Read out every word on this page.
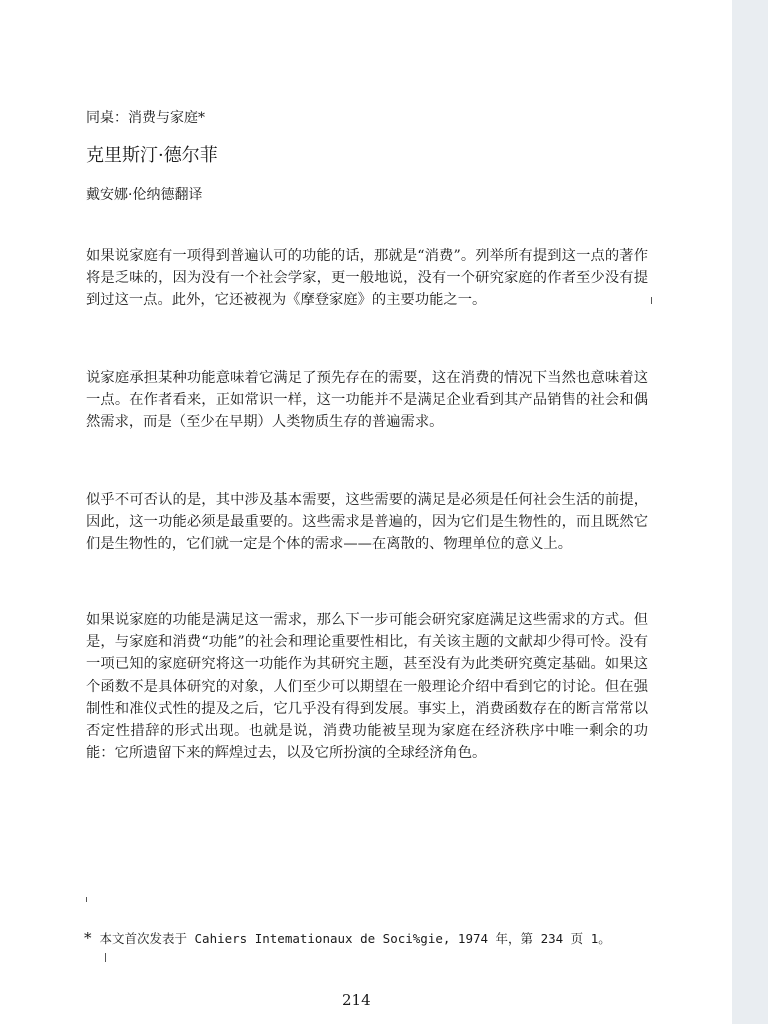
同桌：消费与家庭*
克里斯汀·德尔菲
戴安娜·伦纳德翻译

如果说家庭有一项得到普遍认可的功能的话，那就是“消费”。列举所有提到这一点的著作将是乏味的，因为没有一个社会学家，更一般地说，没有一个研究家庭的作者至少没有提到过这一点。此外，它还被视为《摩登家庭》的主要功能之一。

说家庭承担某种功能意味着它满足了预先存在的需要，这在消费的情况下当然也意味着这一点。在作者看来，正如常识一样，这一功能并不是满足企业看到其产品销售的社会和偶然需求，而是（至少在早期）人类物质生存的普遍需求。

似乎不可否认的是，其中涉及基本需要，这些需要的满足是必须是任何社会生活的前提，因此，这一功能必须是最重要的。这些需求是普遍的，因为它们是生物性的，而且既然它们是生物性的，它们就一定是个体的需求——在离散的、物理单位的意义上。

如果说家庭的功能是满足这一需求，那么下一步可能会研究家庭满足这些需求的方式。但是，与家庭和消费“功能”的社会和理论重要性相比，有关该主题的文献却少得可怜。没有一项已知的家庭研究将这一功能作为其研究主题，甚至没有为此类研究奠定基础。如果这个函数不是具体研究的对象，人们至少可以期望在一般理论介绍中看到它的讨论。但在强制性和准仪式性的提及之后，它几乎没有得到发展。事实上，消费函数存在的断言常常以否定性措辞的形式出现。也就是说，消费功能被呈现为家庭在经济秩序中唯一剩余的功能：它所遗留下来的辉煌过去，以及它所扮演的全球经济角色。

* 本文首次发表于 Cahiers Intemationaux de Soci%gie, 1974 年，第 234 页 1。
214
